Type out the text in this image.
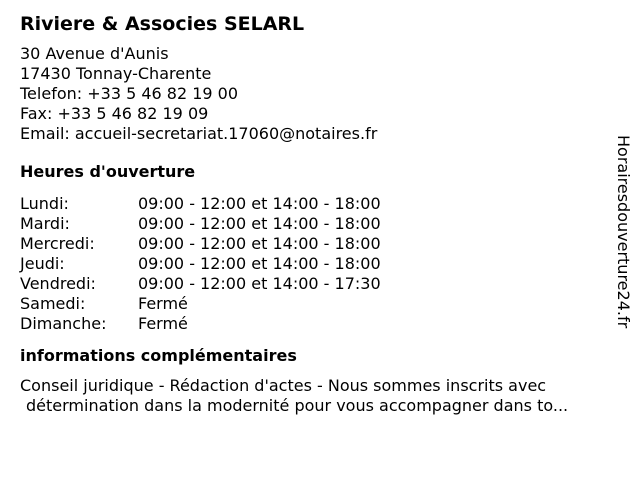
Riviere & Associes SELARL
30 Avenue d'Aunis
17430 Tonnay-Charente
Telefon: +33 5 46 82 19 00
Fax: +33 5 46 82 19 09
Email: accueil-secretariat.17060@notaires.fr
Heures d'ouverture
Lundi:	09:00 - 12:00 et 14:00 - 18:00
Mardi:	09:00 - 12:00 et 14:00 - 18:00
Mercredi:	09:00 - 12:00 et 14:00 - 18:00
Jeudi:	09:00 - 12:00 et 14:00 - 18:00
Vendredi:	09:00 - 12:00 et 14:00 - 17:30
Samedi:	Fermé
Dimanche:	Fermé
informations complémentaires
Conseil juridique - Rédaction d'actes - Nous sommes inscrits avec
détermination dans la modernité pour vous accompagner dans to...
Horairesdouverture24.fr
